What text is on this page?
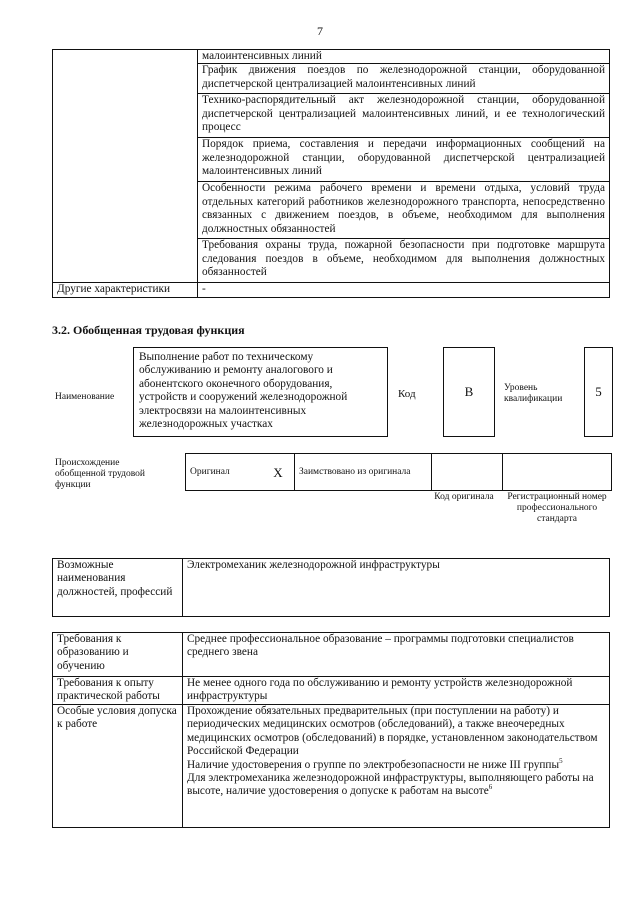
7
	малоинтенсивных линий
	График движения поездов по железнодорожной станции, оборудованной диспетчерской централизацией малоинтенсивных линий
	Технико-распорядительный акт железнодорожной станции, оборудованной диспетчерской централизацией малоинтенсивных линий, и ее технологический процесс
	Порядок приема, составления и передачи информационных сообщений на железнодорожной станции, оборудованной диспетчерской централизацией малоинтенсивных линий
	Особенности режима рабочего времени и времени отдыха, условий труда отдельных категорий работников железнодорожного транспорта, непосредственно связанных с движением поездов, в объеме, необходимом для выполнения должностных обязанностей
	Требования охраны труда, пожарной безопасности при подготовке маршрута следования поездов в объеме, необходимом для выполнения должностных обязанностей
Другие характеристики	-
3.2. Обобщенная трудовая функция
Наименование
Выполнение работ по техническому обслуживанию и ремонту аналогового и абонентского оконечного оборудования, устройств и сооружений железнодорожной электросвязи на малоинтенсивных железнодорожных участках
Код	B	Уровень квалификации	5
Происхождение обобщенной трудовой функции
Оригинал	X	Заимствовано из оригинала		
Код оригинала	Регистрационный номер профессионального стандарта
Возможные наименования должностей, профессий	Электромеханик железнодорожной инфраструктуры
Требования к образованию и обучению	Среднее профессиональное образование – программы подготовки специалистов среднего звена
Требования к опыту практической работы	Не менее одного года по обслуживанию и ремонту устройств железнодорожной инфраструктуры
Особые условия допуска к работе	Прохождение обязательных предварительных (при поступлении на работу) и периодических медицинских осмотров (обследований), а также внеочередных медицинских осмотров (обследований) в порядке, установленном законодательством Российской Федерации
Наличие удостоверения о группе по электробезопасности не ниже III группы$^5$
Для электромеханика железнодорожной инфраструктуры, выполняющего работы на высоте, наличие удостоверения о допуске к работам на высоте$^6$
